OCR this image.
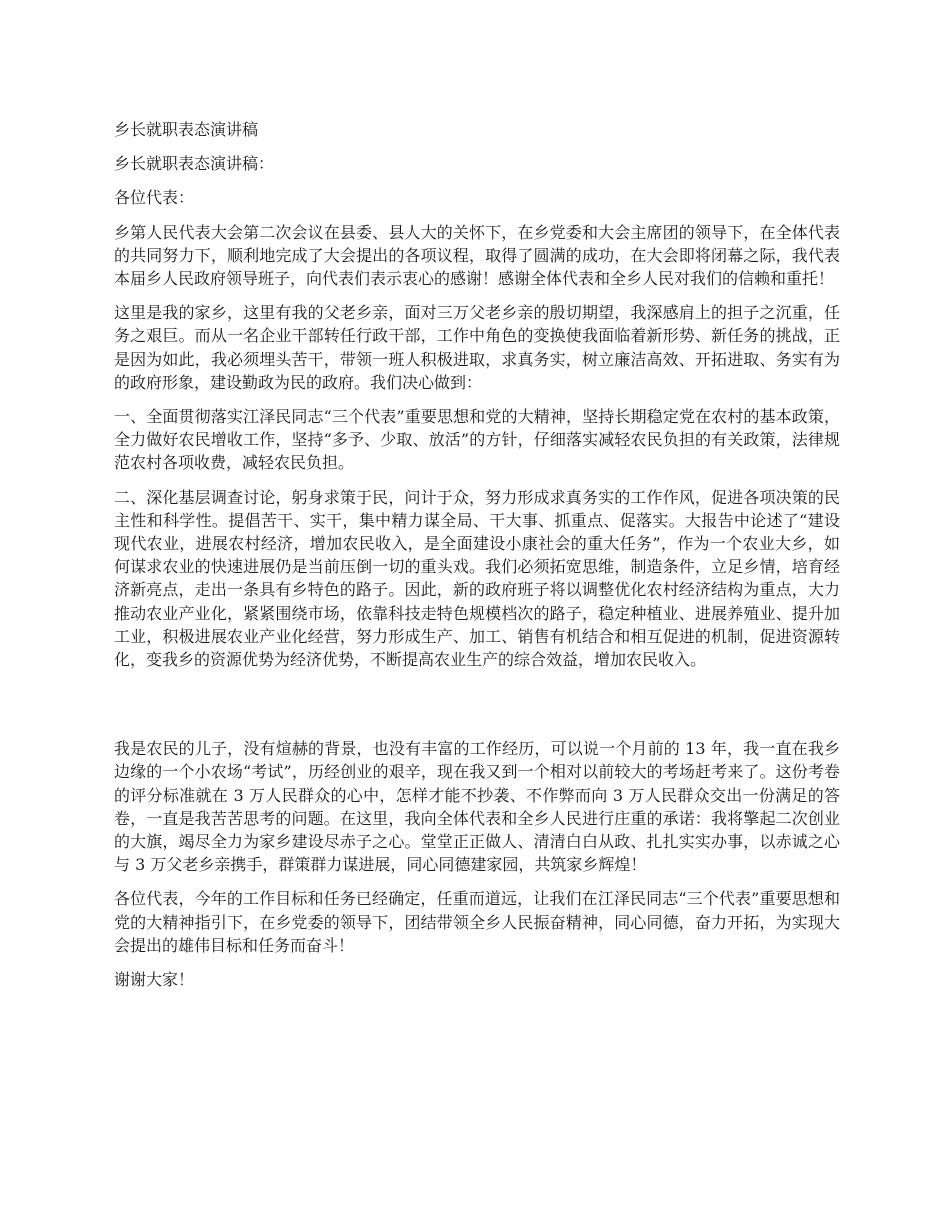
乡长就职表态演讲稿

乡长就职表态演讲稿：

各位代表：

乡第人民代表大会第二次会议在县委、县人大的关怀下，在乡党委和大会主席团的领导下，在全体代表的共同努力下，顺利地完成了大会提出的各项议程，取得了圆满的成功，在大会即将闭幕之际，我代表本届乡人民政府领导班子，向代表们表示衷心的感谢！感谢全体代表和全乡人民对我们的信赖和重托！

这里是我的家乡，这里有我的父老乡亲，面对三万父老乡亲的殷切期望，我深感肩上的担子之沉重，任务之艰巨。而从一名企业干部转任行政干部，工作中角色的变换使我面临着新形势、新任务的挑战，正是因为如此，我必须埋头苦干，带领一班人积极进取，求真务实，树立廉洁高效、开拓进取、务实有为的政府形象，建设勤政为民的政府。我们决心做到：

一、全面贯彻落实江泽民同志“三个代表”重要思想和党的大精神，坚持长期稳定党在农村的基本政策，全力做好农民增收工作，坚持“多予、少取、放活”的方针，仔细落实减轻农民负担的有关政策，法律规范农村各项收费，减轻农民负担。

二、深化基层调查讨论，躬身求策于民，问计于众，努力形成求真务实的工作作风，促进各项决策的民主性和科学性。提倡苦干、实干，集中精力谋全局、干大事、抓重点、促落实。大报告中论述了“建设现代农业，进展农村经济，增加农民收入，是全面建设小康社会的重大任务”，作为一个农业大乡，如何谋求农业的快速进展仍是当前压倒一切的重头戏。我们必须拓宽思维，制造条件，立足乡情，培育经济新亮点，走出一条具有乡特色的路子。因此，新的政府班子将以调整优化农村经济结构为重点，大力推动农业产业化，紧紧围绕市场，依靠科技走特色规模档次的路子，稳定种植业、进展养殖业、提升加工业，积极进展农业产业化经营，努力形成生产、加工、销售有机结合和相互促进的机制，促进资源转化，变我乡的资源优势为经济优势，不断提高农业生产的综合效益，增加农民收入。

我是农民的儿子，没有煊赫的背景，也没有丰富的工作经历，可以说一个月前的 13 年，我一直在我乡边缘的一个小农场“考试”，历经创业的艰辛，现在我又到一个相对以前较大的考场赶考来了。这份考卷的评分标准就在 3 万人民群众的心中，怎样才能不抄袭、不作弊而向 3 万人民群众交出一份满足的答卷，一直是我苦苦思考的问题。在这里，我向全体代表和全乡人民进行庄重的承诺：我将擎起二次创业的大旗，竭尽全力为家乡建设尽赤子之心。堂堂正正做人、清清白白从政、扎扎实实办事，以赤诚之心与 3 万父老乡亲携手，群策群力谋进展，同心同德建家园，共筑家乡辉煌！

各位代表，今年的工作目标和任务已经确定，任重而道远，让我们在江泽民同志“三个代表”重要思想和党的大精神指引下，在乡党委的领导下，团结带领全乡人民振奋精神，同心同德，奋力开拓，为实现大会提出的雄伟目标和任务而奋斗！

谢谢大家！
